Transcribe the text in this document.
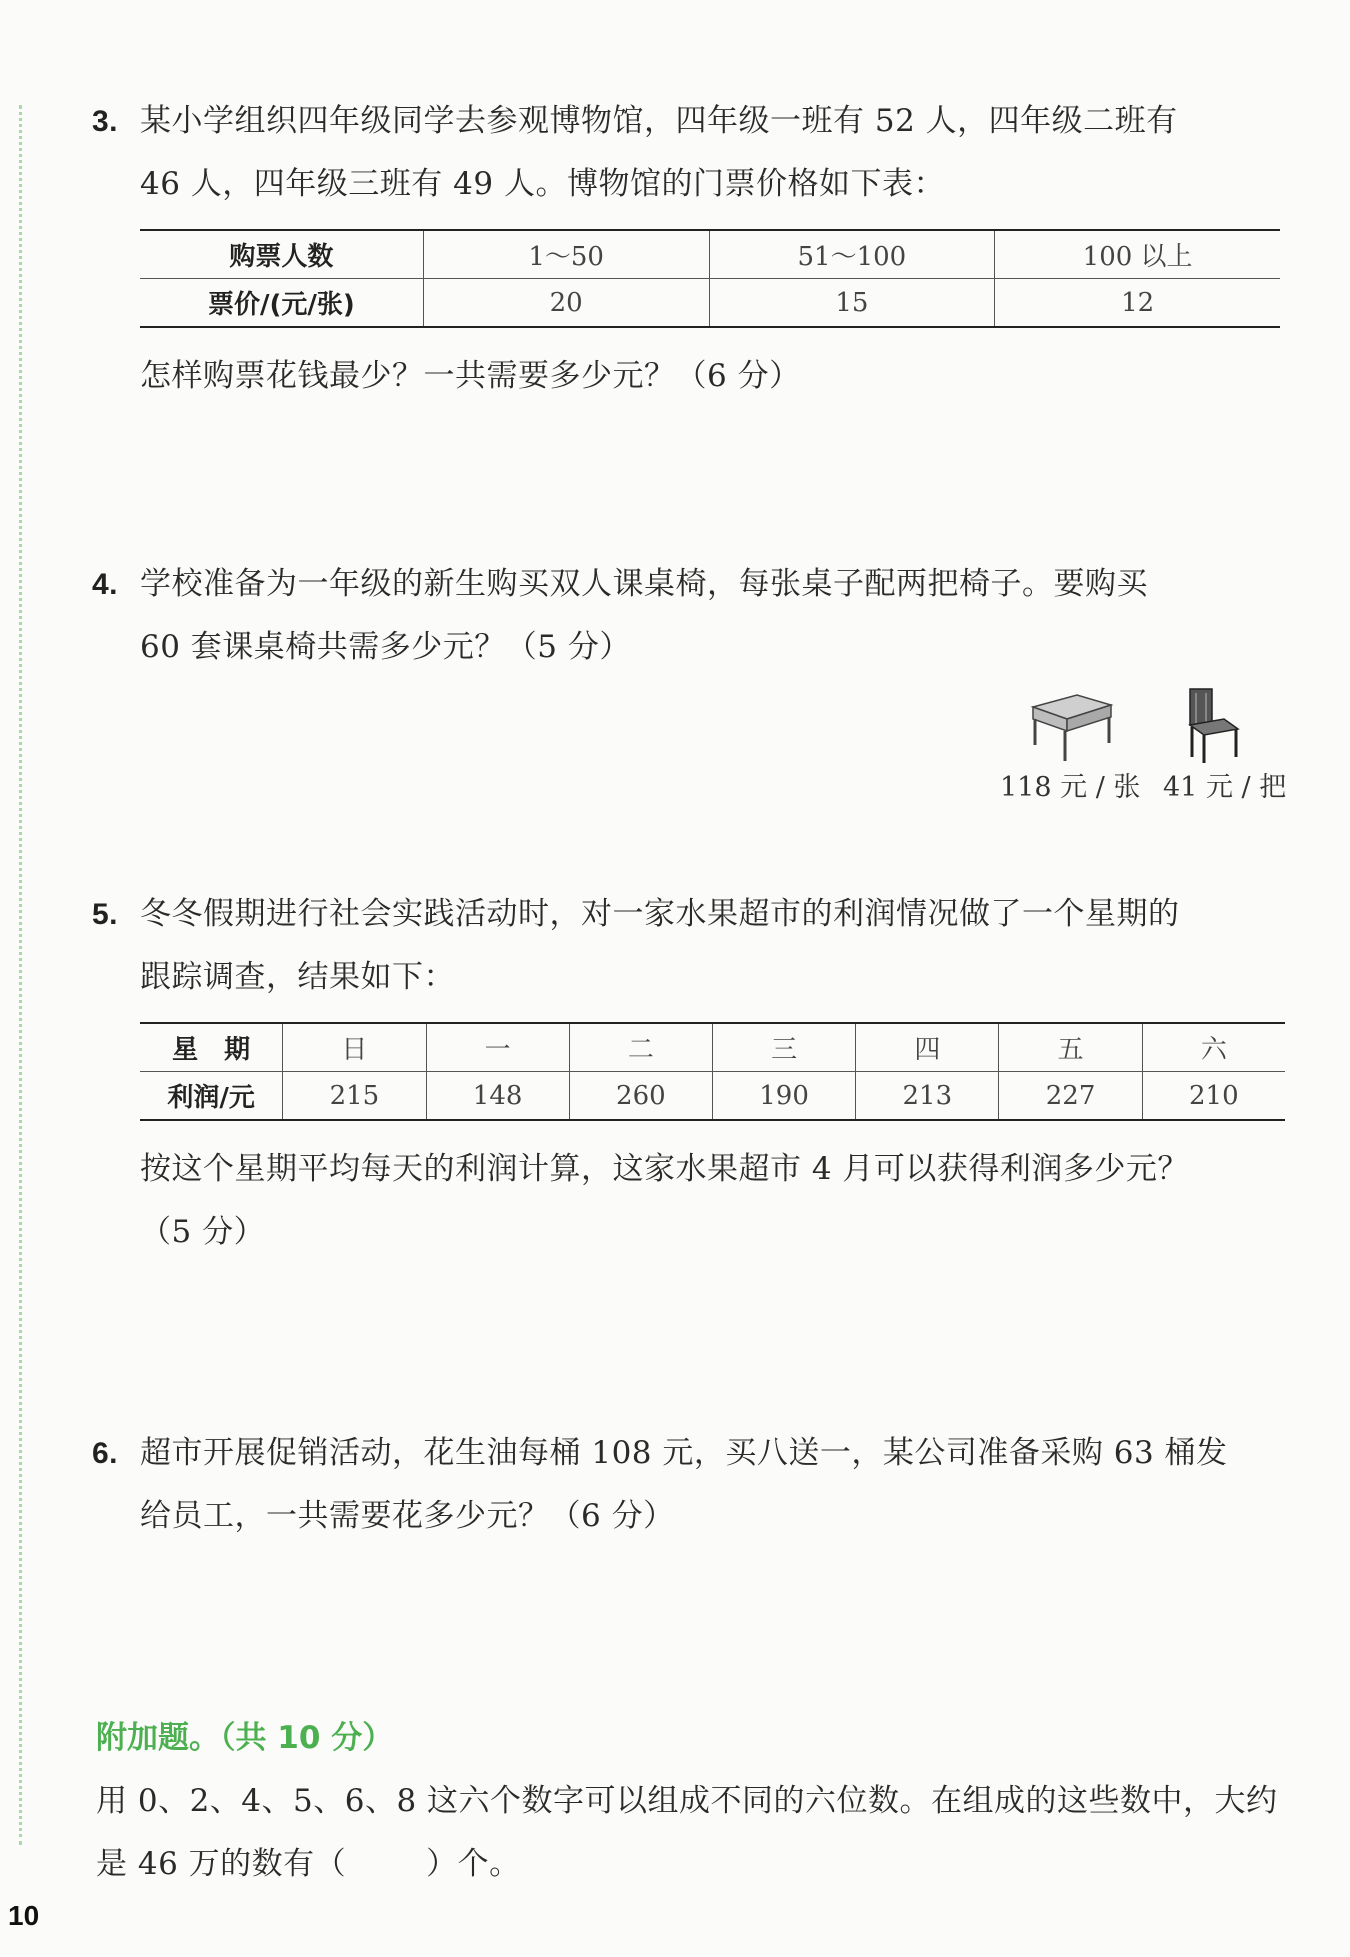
3. 某小学组织四年级同学去参观博物馆，四年级一班有 52 人，四年级二班有
46 人，四年级三班有 49 人。博物馆的门票价格如下表：
购票人数	1～50	51～100	100 以上
票价/(元/张)	20	15	12
怎样购票花钱最少？一共需要多少元？（6 分）
4. 学校准备为一年级的新生购买双人课桌椅，每张桌子配两把椅子。要购买
60 套课桌椅共需多少元？（5 分）
118 元 / 张 41 元 / 把
5. 冬冬假期进行社会实践活动时，对一家水果超市的利润情况做了一个星期的
跟踪调查，结果如下：
星　期	日	一	二	三	四	五	六
利润/元	215	148	260	190	213	227	210
按这个星期平均每天的利润计算，这家水果超市 4 月可以获得利润多少元？
（5 分）
6. 超市开展促销活动，花生油每桶 108 元，买八送一，某公司准备采购 63 桶发
给员工，一共需要花多少元？（6 分）
附加题。（共 10 分）
用 0、2、4、5、6、8 这六个数字可以组成不同的六位数。在组成的这些数中，大约
是 46 万的数有（	）个。
10
